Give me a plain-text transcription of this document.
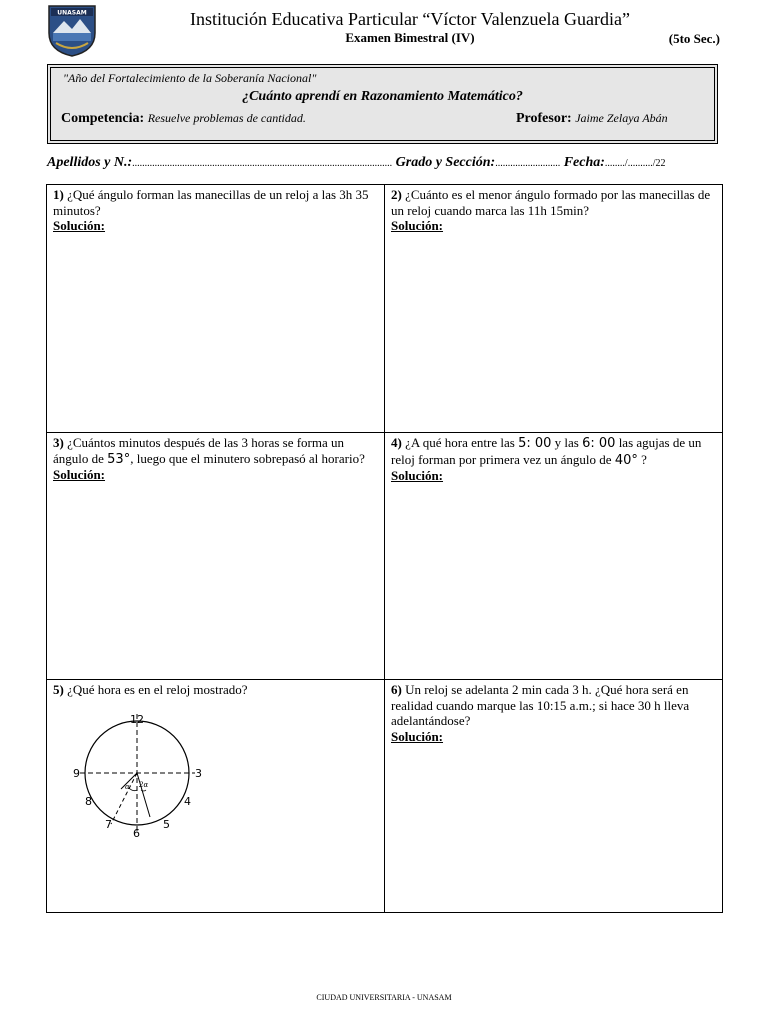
UNASAM	Institución Educativa Particular “Víctor Valenzuela Guardia”
Examen Bimestral (IV)	(5to Sec.)
"Año del Fortalecimiento de la Soberanía Nacional"
¿Cuánto aprendí en Razonamiento Matemático?
Competencia: Resuelve problemas de cantidad.	Profesor: Jaime Zelaya Abán
Apellidos y N.:........................................................................................................ Grado y Sección:.......................... Fecha:......../........../22
1) ¿Qué ángulo forman las manecillas de un reloj a las 3h 35 minutos?
Solución:
2) ¿Cuánto es el menor ángulo formado por las manecillas de un reloj cuando marca las 11h 15min?
Solución:
3) ¿Cuántos minutos después de las 3 horas se forma un ángulo de 53°, luego que el minutero sobrepasó al horario?
Solución:
4) ¿A qué hora entre las 5: 00 y las 6: 00 las agujas de un reloj forman por primera vez un ángulo de 40° ?
Solución:
5) ¿Qué hora es en el reloj mostrado?
12
3
9
6
8
7
4
5
α 2α
6) Un reloj se adelanta 2 min cada 3 h. ¿Qué hora será en realidad cuando marque las 10:15 a.m.; si hace 30 h lleva adelantándose?
Solución:
CIUDAD UNIVERSITARIA - UNASAM
